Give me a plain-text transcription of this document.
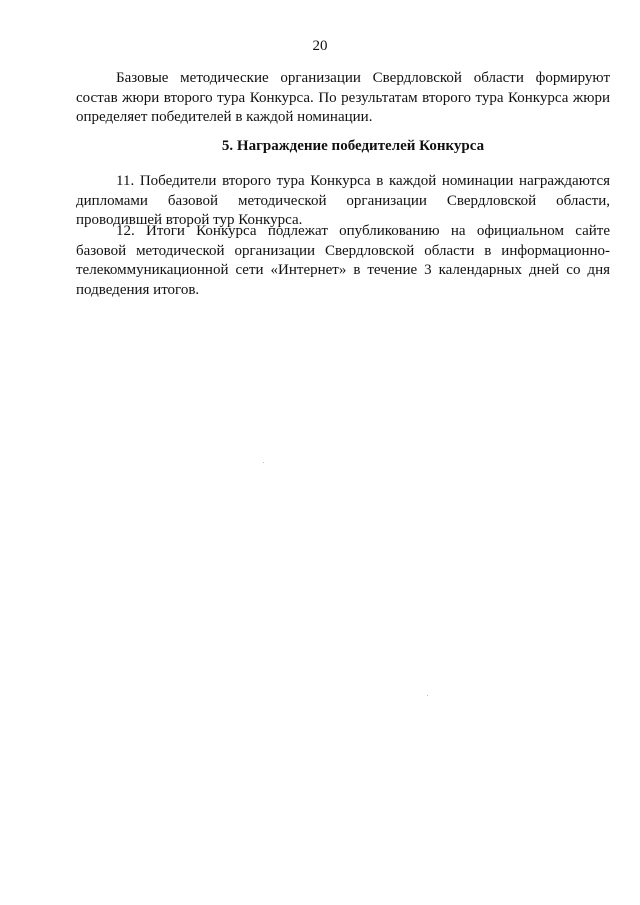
20

Базовые методические организации Свердловской области формируют состав жюри второго тура Конкурса. По результатам второго тура Конкурса жюри определяет победителей в каждой номинации.

5. Награждение победителей Конкурса

11. Победители второго тура Конкурса в каждой номинации награждаются дипломами базовой методической организации Свердловской области, проводившей второй тур Конкурса.

12. Итоги Конкурса подлежат опубликованию на официальном сайте базовой методической организации Свердловской области в информационно-телекоммуникационной сети «Интернет» в течение 3 календарных дней со дня подведения итогов.
